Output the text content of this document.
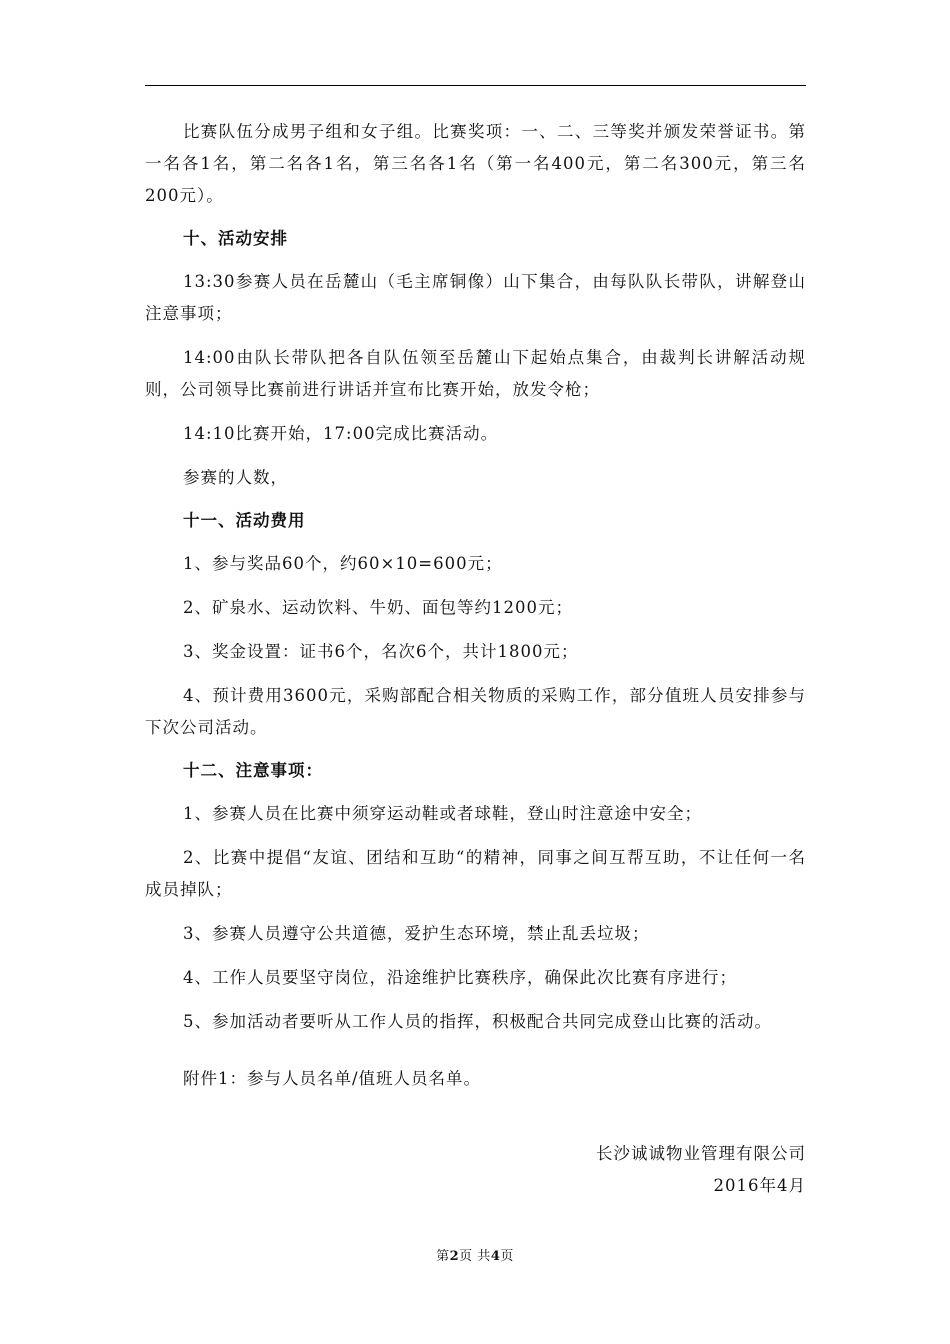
比赛队伍分成男子组和女子组。比赛奖项：一、二、三等奖并颁发荣誉证书。第一名各1名，第二名各1名，第三名各1名（第一名400元，第二名300元，第三名200元）。
十、活动安排
13:30参赛人员在岳麓山（毛主席铜像）山下集合，由每队队长带队，讲解登山注意事项；
14:00由队长带队把各自队伍领至岳麓山下起始点集合，由裁判长讲解活动规则，公司领导比赛前进行讲话并宣布比赛开始，放发令枪；
14:10比赛开始，17:00完成比赛活动。
参赛的人数，
十一、活动费用
1、参与奖品60个，约60×10=600元；
2、矿泉水、运动饮料、牛奶、面包等约1200元；
3、奖金设置：证书6个，名次6个，共计1800元；
4、预计费用3600元，采购部配合相关物质的采购工作，部分值班人员安排参与下次公司活动。
十二、注意事项：
1、参赛人员在比赛中须穿运动鞋或者球鞋，登山时注意途中安全；
2、比赛中提倡“友谊、团结和互助“的精神，同事之间互帮互助，不让任何一名成员掉队；
3、参赛人员遵守公共道德，爱护生态环境，禁止乱丢垃圾；
4、工作人员要坚守岗位，沿途维护比赛秩序，确保此次比赛有序进行；
5、参加活动者要听从工作人员的指挥，积极配合共同完成登山比赛的活动。
附件1：参与人员名单/值班人员名单。
长沙诚诚物业管理有限公司
2016年4月
第2页 共4页
